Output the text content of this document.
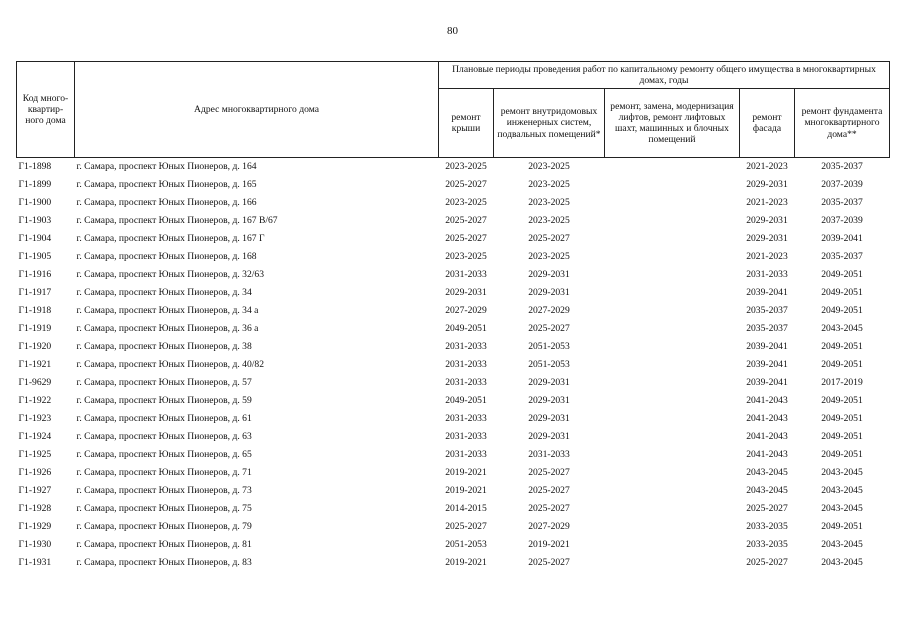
80
Код много-квартир-ного дома	Адрес многоквартирного дома	Плановые периоды проведения работ по капитальному ремонту общего имущества в многоквартирных домах, годы				
		ремонт крыши	ремонт внутридомовых инженерных систем, подвальных помещений*	ремонт, замена, модернизация лифтов, ремонт лифтовых шахт, машинных и блочных помещений	ремонт фасада	ремонт фундамента многоквартирного дома**
Г1-1898	г. Самара, проспект Юных Пионеров, д. 164	2023-2025	2023-2025		2021-2023	2035-2037
Г1-1899	г. Самара, проспект Юных Пионеров, д. 165	2025-2027	2023-2025		2029-2031	2037-2039
Г1-1900	г. Самара, проспект Юных Пионеров, д. 166	2023-2025	2023-2025		2021-2023	2035-2037
Г1-1903	г. Самара, проспект Юных Пионеров, д. 167 В/67	2025-2027	2023-2025		2029-2031	2037-2039
Г1-1904	г. Самара, проспект Юных Пионеров, д. 167 Г	2025-2027	2025-2027		2029-2031	2039-2041
Г1-1905	г. Самара, проспект Юных Пионеров, д. 168	2023-2025	2023-2025		2021-2023	2035-2037
Г1-1916	г. Самара, проспект Юных Пионеров, д. 32/63	2031-2033	2029-2031		2031-2033	2049-2051
Г1-1917	г. Самара, проспект Юных Пионеров, д. 34	2029-2031	2029-2031		2039-2041	2049-2051
Г1-1918	г. Самара, проспект Юных Пионеров, д. 34 а	2027-2029	2027-2029		2035-2037	2049-2051
Г1-1919	г. Самара, проспект Юных Пионеров, д. 36 а	2049-2051	2025-2027		2035-2037	2043-2045
Г1-1920	г. Самара, проспект Юных Пионеров, д. 38	2031-2033	2051-2053		2039-2041	2049-2051
Г1-1921	г. Самара, проспект Юных Пионеров, д. 40/82	2031-2033	2051-2053		2039-2041	2049-2051
Г1-9629	г. Самара, проспект Юных Пионеров, д. 57	2031-2033	2029-2031		2039-2041	2017-2019
Г1-1922	г. Самара, проспект Юных Пионеров, д. 59	2049-2051	2029-2031		2041-2043	2049-2051
Г1-1923	г. Самара, проспект Юных Пионеров, д. 61	2031-2033	2029-2031		2041-2043	2049-2051
Г1-1924	г. Самара, проспект Юных Пионеров, д. 63	2031-2033	2029-2031		2041-2043	2049-2051
Г1-1925	г. Самара, проспект Юных Пионеров, д. 65	2031-2033	2031-2033		2041-2043	2049-2051
Г1-1926	г. Самара, проспект Юных Пионеров, д. 71	2019-2021	2025-2027		2043-2045	2043-2045
Г1-1927	г. Самара, проспект Юных Пионеров, д. 73	2019-2021	2025-2027		2043-2045	2043-2045
Г1-1928	г. Самара, проспект Юных Пионеров, д. 75	2014-2015	2025-2027		2025-2027	2043-2045
Г1-1929	г. Самара, проспект Юных Пионеров, д. 79	2025-2027	2027-2029		2033-2035	2049-2051
Г1-1930	г. Самара, проспект Юных Пионеров, д. 81	2051-2053	2019-2021		2033-2035	2043-2045
Г1-1931	г. Самара, проспект Юных Пионеров, д. 83	2019-2021	2025-2027		2025-2027	2043-2045
